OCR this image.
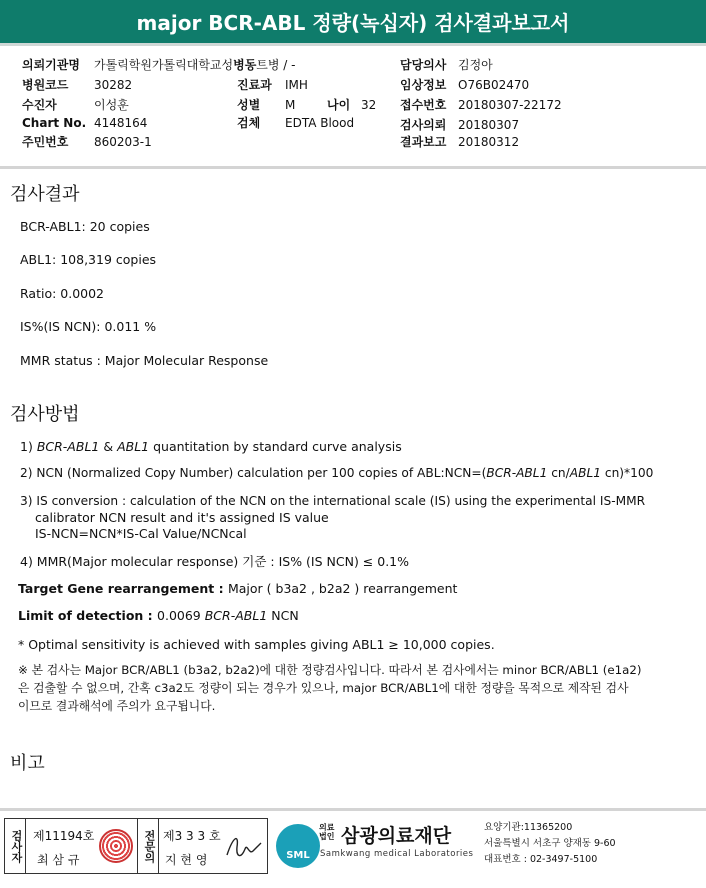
major BCR-ABL 정량(녹십자) 검사결과보고서
의뢰기관명 가톨릭학원가톨릭대학교성병동트병 / -	담당의사 김정아
병원코드 30282	진료과 IMH	임상정보 O76B02470
수진자	이성훈	성별 M	나이 32 접수번호 20180307-22172
Chart No. 4148164	검체 EDTA Blood	검사의뢰 20180307
주민번호 860203-1	결과보고 20180312
검사결과
BCR-ABL1: 20 copies
ABL1: 108,319 copies
Ratio: 0.0002
IS%(IS NCN): 0.011 %
MMR status : Major Molecular Response
검사방법
1) BCR-ABL1 & ABL1 quantitation by standard curve analysis
2) NCN (Normalized Copy Number) calculation per 100 copies of ABL:NCN=(BCR-ABL1 cn/ABL1 cn)*100
3) IS conversion : calculation of the NCN on the international scale (IS) using the experimental IS-MMR
calibrator NCN result and it's assigned IS value
IS-NCN=NCN*IS-Cal Value/NCNcal
4) MMR(Major molecular response) 기준 : IS% (IS NCN) ≤ 0.1%
Target Gene rearrangement : Major ( b3a2 , b2a2 ) rearrangement
Limit of detection : 0.0069 BCR-ABL1 NCN
* Optimal sensitivity is achieved with samples giving ABL1 ≥ 10,000 copies.
※ 본 검사는 Major BCR/ABL1 (b3a2, b2a2)에 대한 정량검사입니다. 따라서 본 검사에서는 minor BCR/ABL1 (e1a2)
은 검출할 수 없으며, 간혹 c3a2도 정량이 되는 경우가 있으나, major BCR/ABL1에 대한 정량을 목적으로 제작된 검사
이므로 결과해석에 주의가 요구됩니다.
비고
검사자 제11194호
최 삼 규	전문의 제3 3 3 호
지 현 영	SML
의료법인 삼광의료재단
Samkwang medical Laboratories
요양기관:11365200
서울특별시 서초구 양재동 9-60
대표번호 : 02-3497-5100
